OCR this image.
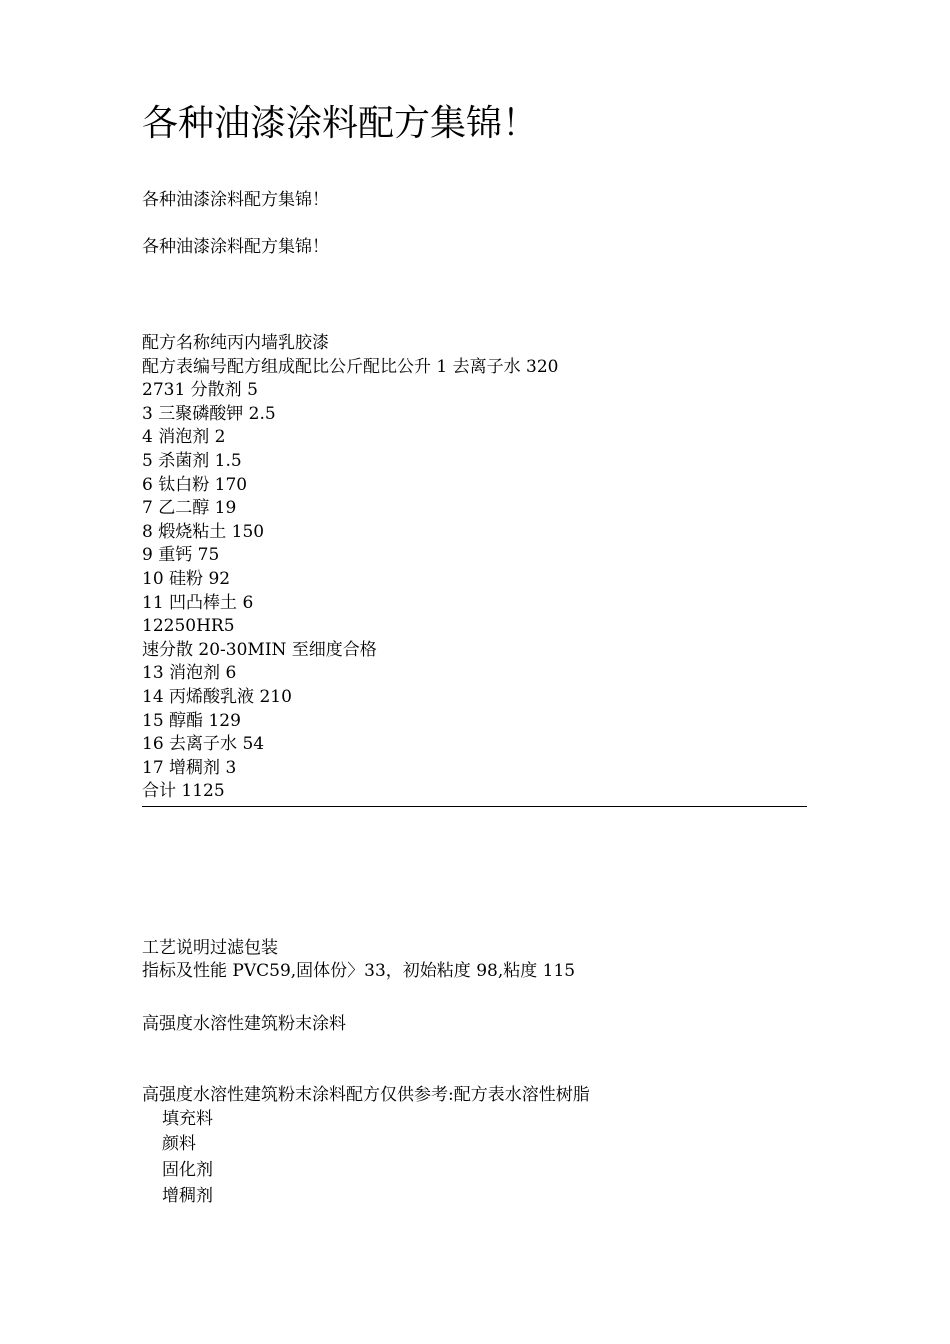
各种油漆涂料配方集锦！
各种油漆涂料配方集锦！
各种油漆涂料配方集锦！
配方名称纯丙内墙乳胶漆
配方表编号配方组成配比公斤配比公升 1 去离子水 320
2731 分散剂 5
3 三聚磷酸钾 2.5
4 消泡剂 2
5 杀菌剂 1.5
6 钛白粉 170
7 乙二醇 19
8 煅烧粘土 150
9 重钙 75
10 硅粉 92
11 凹凸棒土 6
12250HR5
速分散 20-30MIN 至细度合格
13 消泡剂 6
14 丙烯酸乳液 210
15 醇酯 129
16 去离子水 54
17 增稠剂 3
合计 1125
工艺说明过滤包装
指标及性能 PVC59,固体份〉33，初始粘度 98,粘度 115
高强度水溶性建筑粉末涂料
高强度水溶性建筑粉末涂料配方仅供参考:配方表水溶性树脂
填充料
颜料
固化剂
增稠剂
